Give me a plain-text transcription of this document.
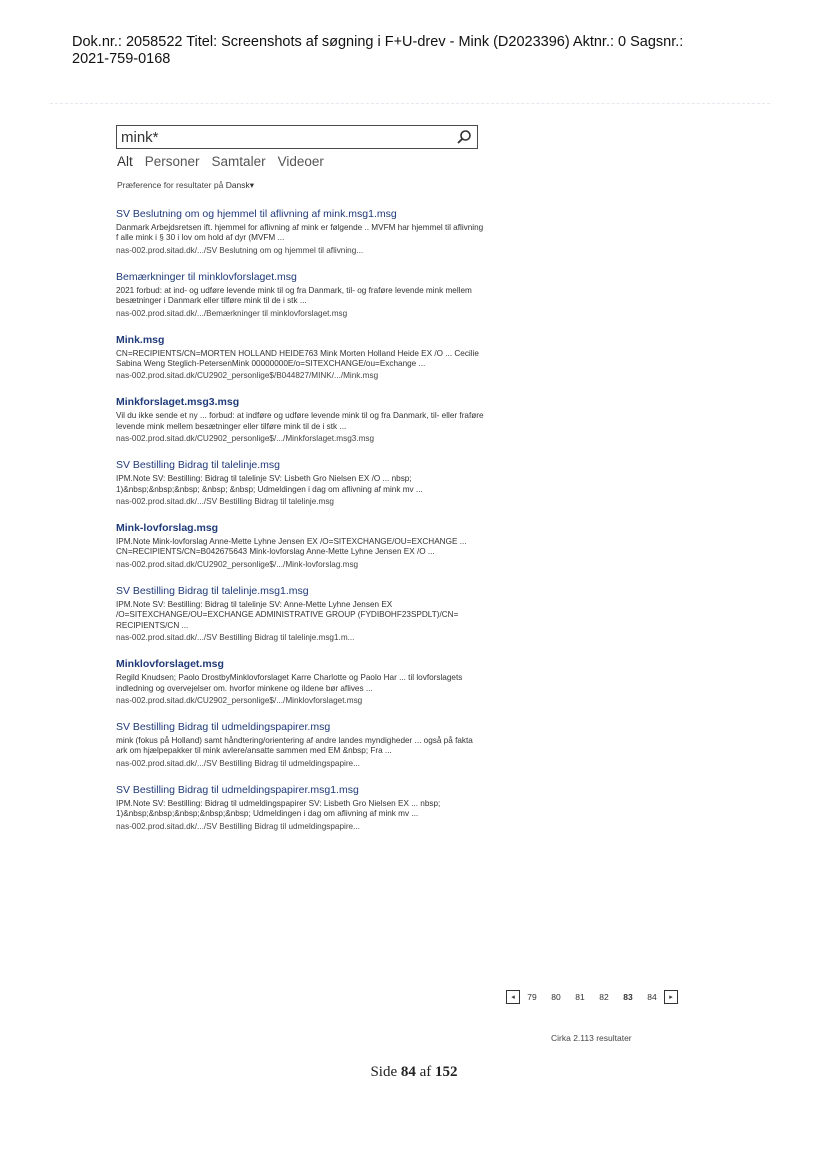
Dok.nr.: 2058522 Titel: Screenshots af søgning i F+U-drev - Mink (D2023396) Aktnr.: 0 Sagsnr.:
2021-759-0168
mink*
Alt Personer Samtaler Videoer
Præference for resultater på Dansk▾
SV Beslutning om og hjemmel til aflivning af mink.msg1.msg
Danmark Arbejdsretsen ift. hjemmel for aflivning af mink er følgende .. MVFM har hjemmel til aflivning f alle mink i § 30 i lov om hold af dyr (MVFM ...
nas-002.prod.sitad.dk/.../SV Beslutning om og hjemmel til aflivning...
Bemærkninger til minklovforslaget.msg
2021 forbud: at ind- og udføre levende mink til og fra Danmark, til- og fraføre levende mink mellem besætninger i Danmark eller tilføre mink til de i stk ...
nas-002.prod.sitad.dk/.../Bemærkninger til minklovforslaget.msg
Mink.msg
CN=RECIPIENTS/CN=MORTEN HOLLAND HEIDE763 Mink Morten Holland Heide EX /O ... Cecilie Sabina Weng Steglich-PetersenMink 00000000E/o=SITEXCHANGE/ou=Exchange ...
nas-002.prod.sitad.dk/CU2902_personlige$/B044827/MINK/.../Mink.msg
Minkforslaget.msg3.msg
Vil du ikke sende et ny ... forbud: at indføre og udføre levende mink til og fra Danmark, til- eller fraføre levende mink mellem besætninger eller tilføre mink til de i stk ...
nas-002.prod.sitad.dk/CU2902_personlige$/.../Minkforslaget.msg3.msg
SV Bestilling Bidrag til talelinje.msg
IPM.Note SV: Bestilling: Bidrag til talelinje SV: Lisbeth Gro Nielsen EX /O ... nbsp; 1)&nbsp;&nbsp;&nbsp; &nbsp; &nbsp; Udmeldingen i dag om aflivning af mink mv ...
nas-002.prod.sitad.dk/.../SV Bestilling Bidrag til talelinje.msg
Mink-lovforslag.msg
IPM.Note Mink-lovforslag Anne-Mette Lyhne Jensen EX /O=SITEXCHANGE/OU=EXCHANGE ... CN=RECIPIENTS/CN=B042675643 Mink-lovforslag Anne-Mette Lyhne Jensen EX /O ...
nas-002.prod.sitad.dk/CU2902_personlige$/.../Mink-lovforslag.msg
SV Bestilling Bidrag til talelinje.msg1.msg
IPM.Note SV: Bestilling: Bidrag til talelinje SV: Anne-Mette Lyhne Jensen EX /O=SITEXCHANGE/OU=EXCHANGE ADMINISTRATIVE GROUP (FYDIBOHF23SPDLT)/CN= RECIPIENTS/CN ...
nas-002.prod.sitad.dk/.../SV Bestilling Bidrag til talelinje.msg1.m...
Minklovforslaget.msg
Regild Knudsen; Paolo DrostbyMinklovforslaget Karre Charlotte og Paolo Har ... til lovforslagets indledning og overvejelser om. hvorfor minkene og ildene bør aflives ...
nas-002.prod.sitad.dk/CU2902_personlige$/.../Minklovforslaget.msg
SV Bestilling Bidrag til udmeldingspapirer.msg
mink (fokus på Holland) samt håndtering/orientering af andre landes myndigheder ... også på fakta ark om hjælpepakker til mink avlere/ansatte sammen med EM &nbsp; Fra ...
nas-002.prod.sitad.dk/.../SV Bestilling Bidrag til udmeldingspapire...
SV Bestilling Bidrag til udmeldingspapirer.msg1.msg
IPM.Note SV: Bestilling: Bidrag til udmeldingspapirer SV: Lisbeth Gro Nielsen EX ... nbsp; 1)&nbsp;&nbsp;&nbsp;&nbsp;&nbsp; Udmeldingen i dag om aflivning af mink mv ...
nas-002.prod.sitad.dk/.../SV Bestilling Bidrag til udmeldingspapire...
◂	79	80	81	82	83	84	▸
Cirka 2.113 resultater
Side 84 af 152
